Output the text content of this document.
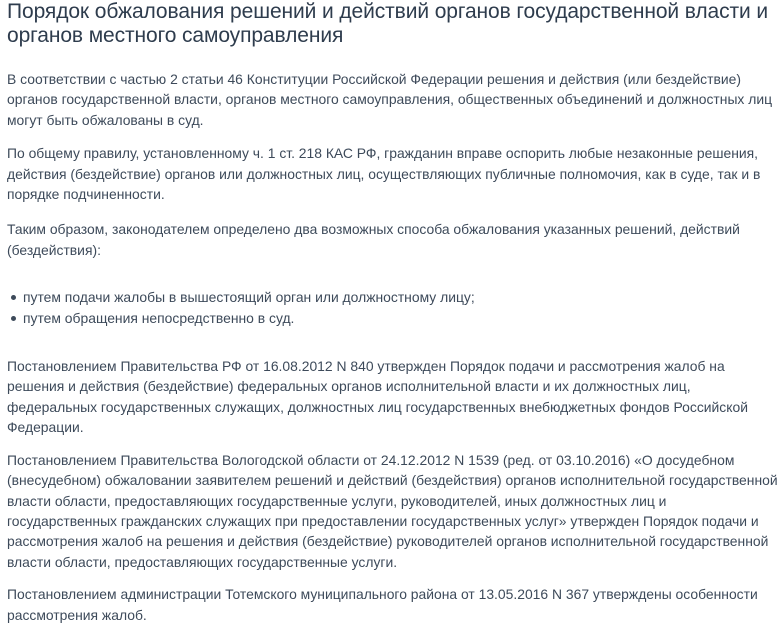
Порядок обжалования решений и действий органов государственной власти и органов местного самоуправления

В соответствии с частью 2 статьи 46 Конституции Российской Федерации решения и действия (или бездействие) органов государственной власти, органов местного самоуправления, общественных объединений и должностных лиц могут быть обжалованы в суд.

По общему правилу, установленному ч. 1 ст. 218 КАС РФ, гражданин вправе оспорить любые незаконные решения, действия (бездействие) органов или должностных лиц, осуществляющих публичные полномочия, как в суде, так и в порядке подчиненности.

Таким образом, законодателем определено два возможных способа обжалования указанных решений, действий (бездействия):

путем подачи жалобы в вышестоящий орган или должностному лицу;
путем обращения непосредственно в суд.

Постановлением Правительства РФ от 16.08.2012 N 840 утвержден Порядок подачи и рассмотрения жалоб на решения и действия (бездействие) федеральных органов исполнительной власти и их должностных лиц, федеральных государственных служащих, должностных лиц государственных внебюджетных фондов Российской Федерации.

Постановлением Правительства Вологодской области от 24.12.2012 N 1539 (ред. от 03.10.2016) «О досудебном (внесудебном) обжаловании заявителем решений и действий (бездействия) органов исполнительной государственной власти области, предоставляющих государственные услуги, руководителей, иных должностных лиц и государственных гражданских служащих при предоставлении государственных услуг» утвержден Порядок подачи и рассмотрения жалоб на решения и действия (бездействие) руководителей органов исполнительной государственной власти области, предоставляющих государственные услуги.

Постановлением администрации Тотемского муниципального района от 13.05.2016 N 367 утверждены особенности рассмотрения жалоб.
